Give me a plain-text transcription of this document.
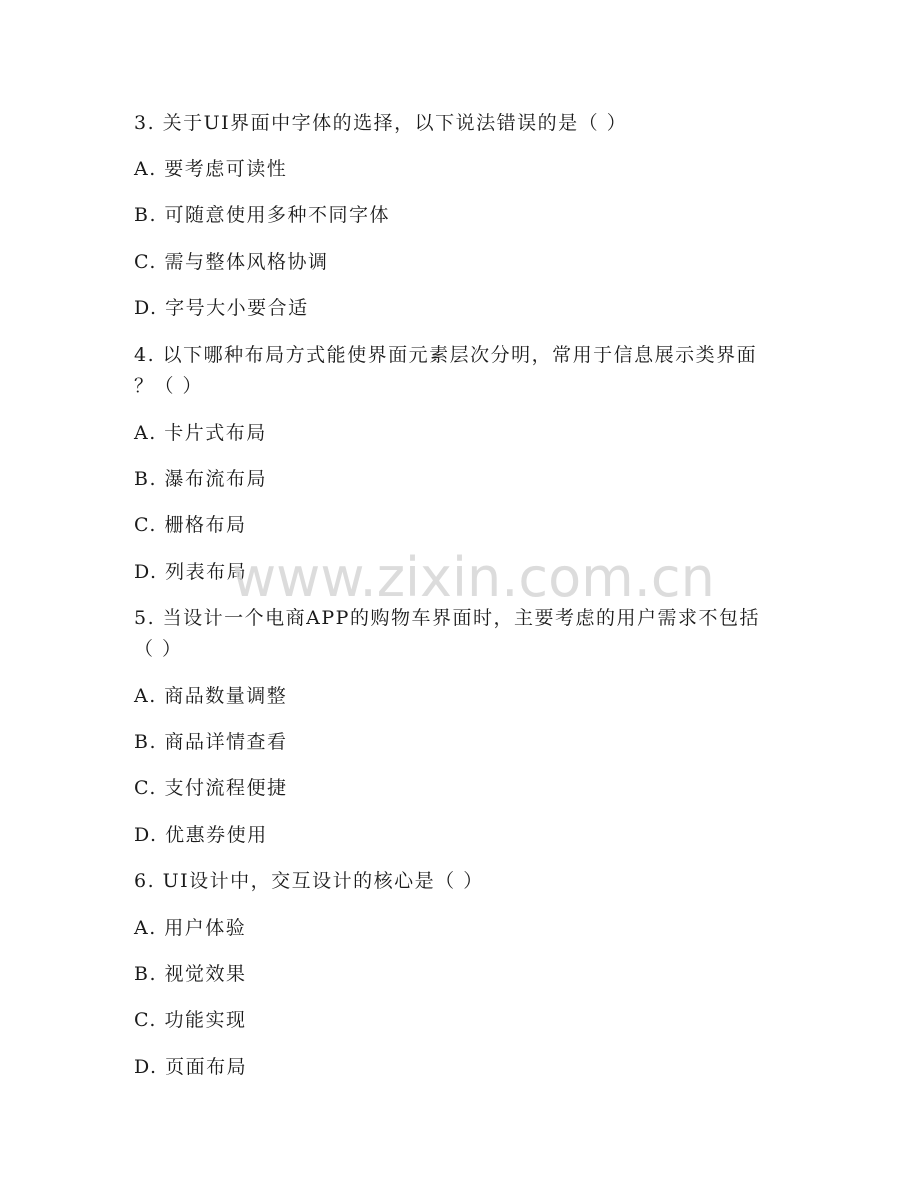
3. 关于UI界面中字体的选择，以下说法错误的是（ ）
A. 要考虑可读性
B. 可随意使用多种不同字体
C. 需与整体风格协调
D. 字号大小要合适
4. 以下哪种布局方式能使界面元素层次分明，常用于信息展示类界面
？（ ）
A. 卡片式布局
B. 瀑布流布局
C. 栅格布局
D. 列表布局
5. 当设计一个电商APP的购物车界面时，主要考虑的用户需求不包括
（ ）
A. 商品数量调整
B. 商品详情查看
C. 支付流程便捷
D. 优惠券使用
6. UI设计中，交互设计的核心是（ ）
A. 用户体验
B. 视觉效果
C. 功能实现
D. 页面布局
www.zixin.com.cn
